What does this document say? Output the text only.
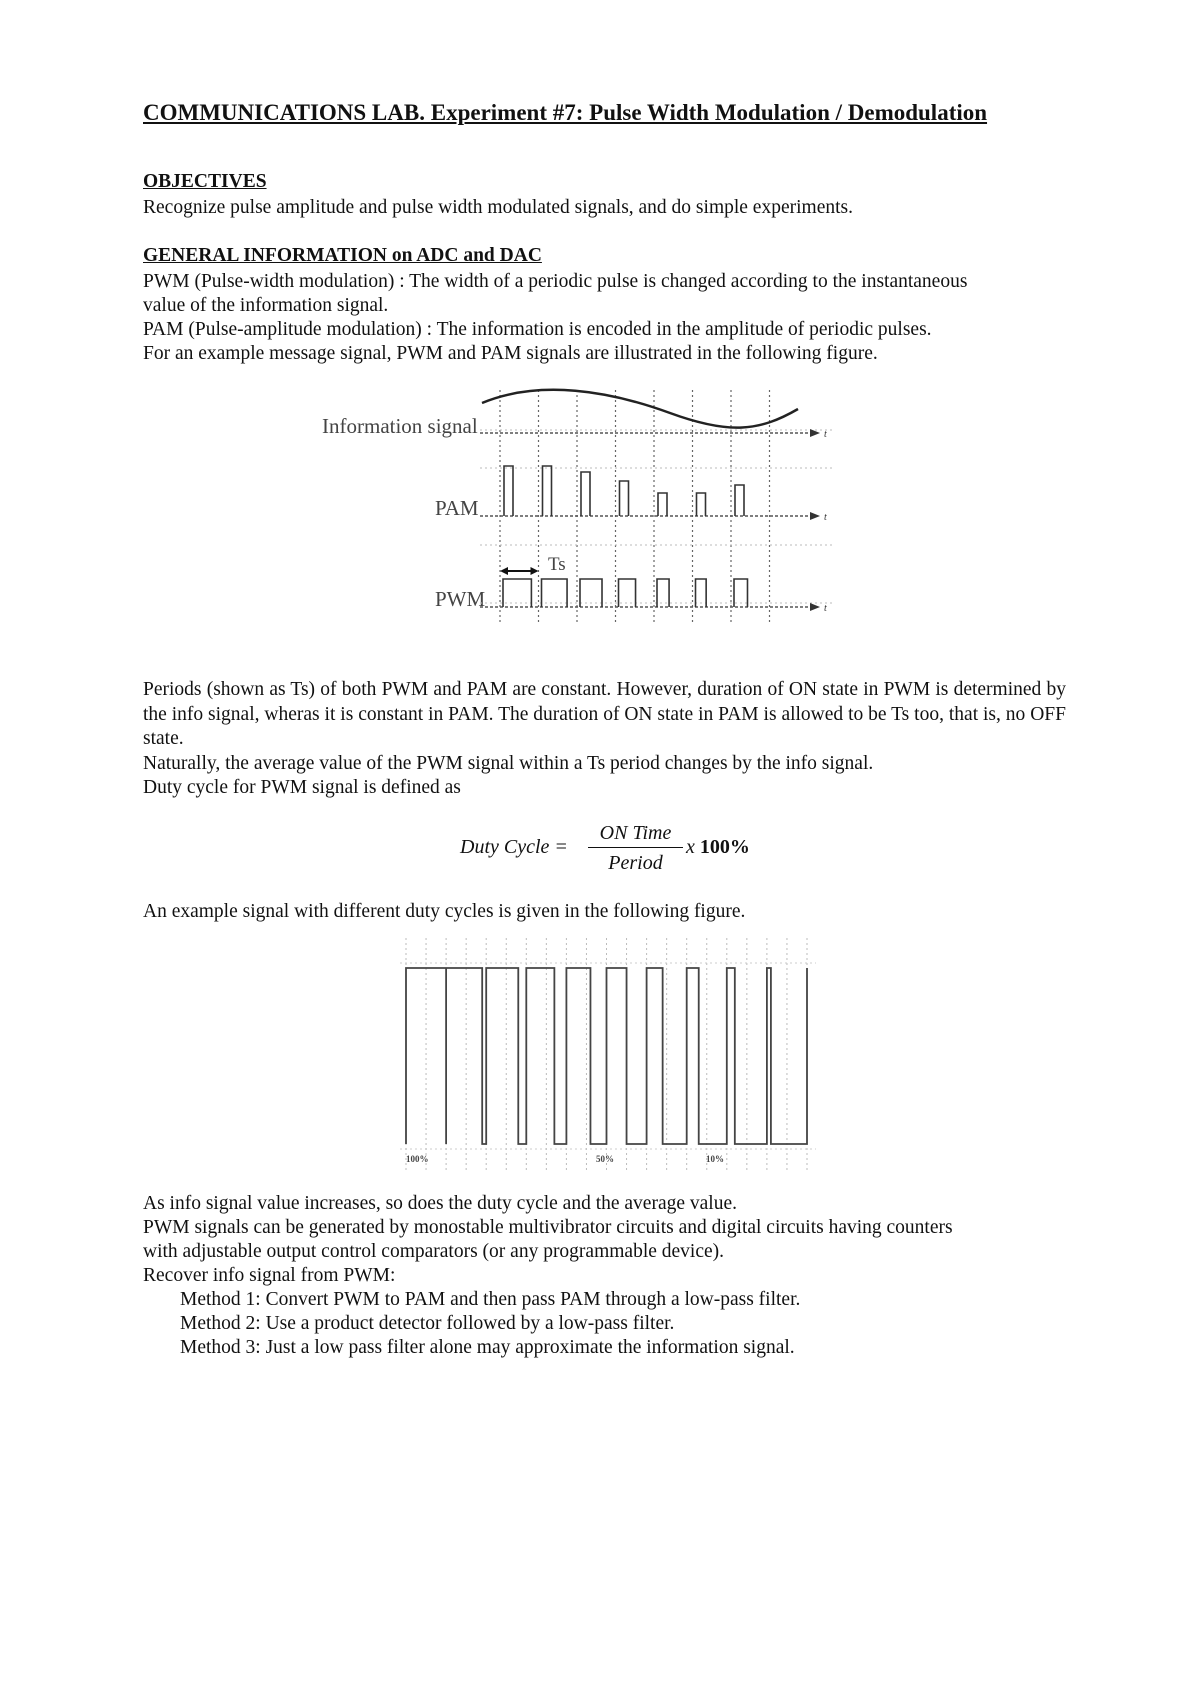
COMMUNICATIONS LAB. Experiment #7: Pulse Width Modulation / Demodulation
OBJECTIVES
Recognize pulse amplitude and pulse width modulated signals, and do simple experiments.
GENERAL INFORMATION on ADC and DAC
PWM (Pulse-width modulation) : The width of a periodic pulse is changed according to the instantaneous
value of the information signal.
PAM (Pulse-amplitude modulation) : The information is encoded in the amplitude of periodic pulses.
For an example message signal, PWM and PAM signals are illustrated in the following figure.
Information signal
PAM
PWM
Ts
t
t
t
Periods (shown as Ts) of both PWM and PAM are constant. However, duration of ON state in PWM is determined by the info signal, wheras it is constant in PAM. The duration of ON state in PAM is allowed to be Ts too, that is, no OFF state.
Naturally, the average value of the PWM signal within a Ts period changes by the info signal.
Duty cycle for PWM signal is defined as
Duty Cycle =
ON Time
Period
x 100%
An example signal with different duty cycles is given in the following figure.
100%	50%	10%
As info signal value increases, so does the duty cycle and the average value.
PWM signals can be generated by monostable multivibrator circuits and digital circuits having counters
with adjustable output control comparators (or any programmable device).
Recover info signal from PWM:
Method 1: Convert PWM to PAM and then pass PAM through a low-pass filter.
Method 2: Use a product detector followed by a low-pass filter.
Method 3: Just a low pass filter alone may approximate the information signal.
